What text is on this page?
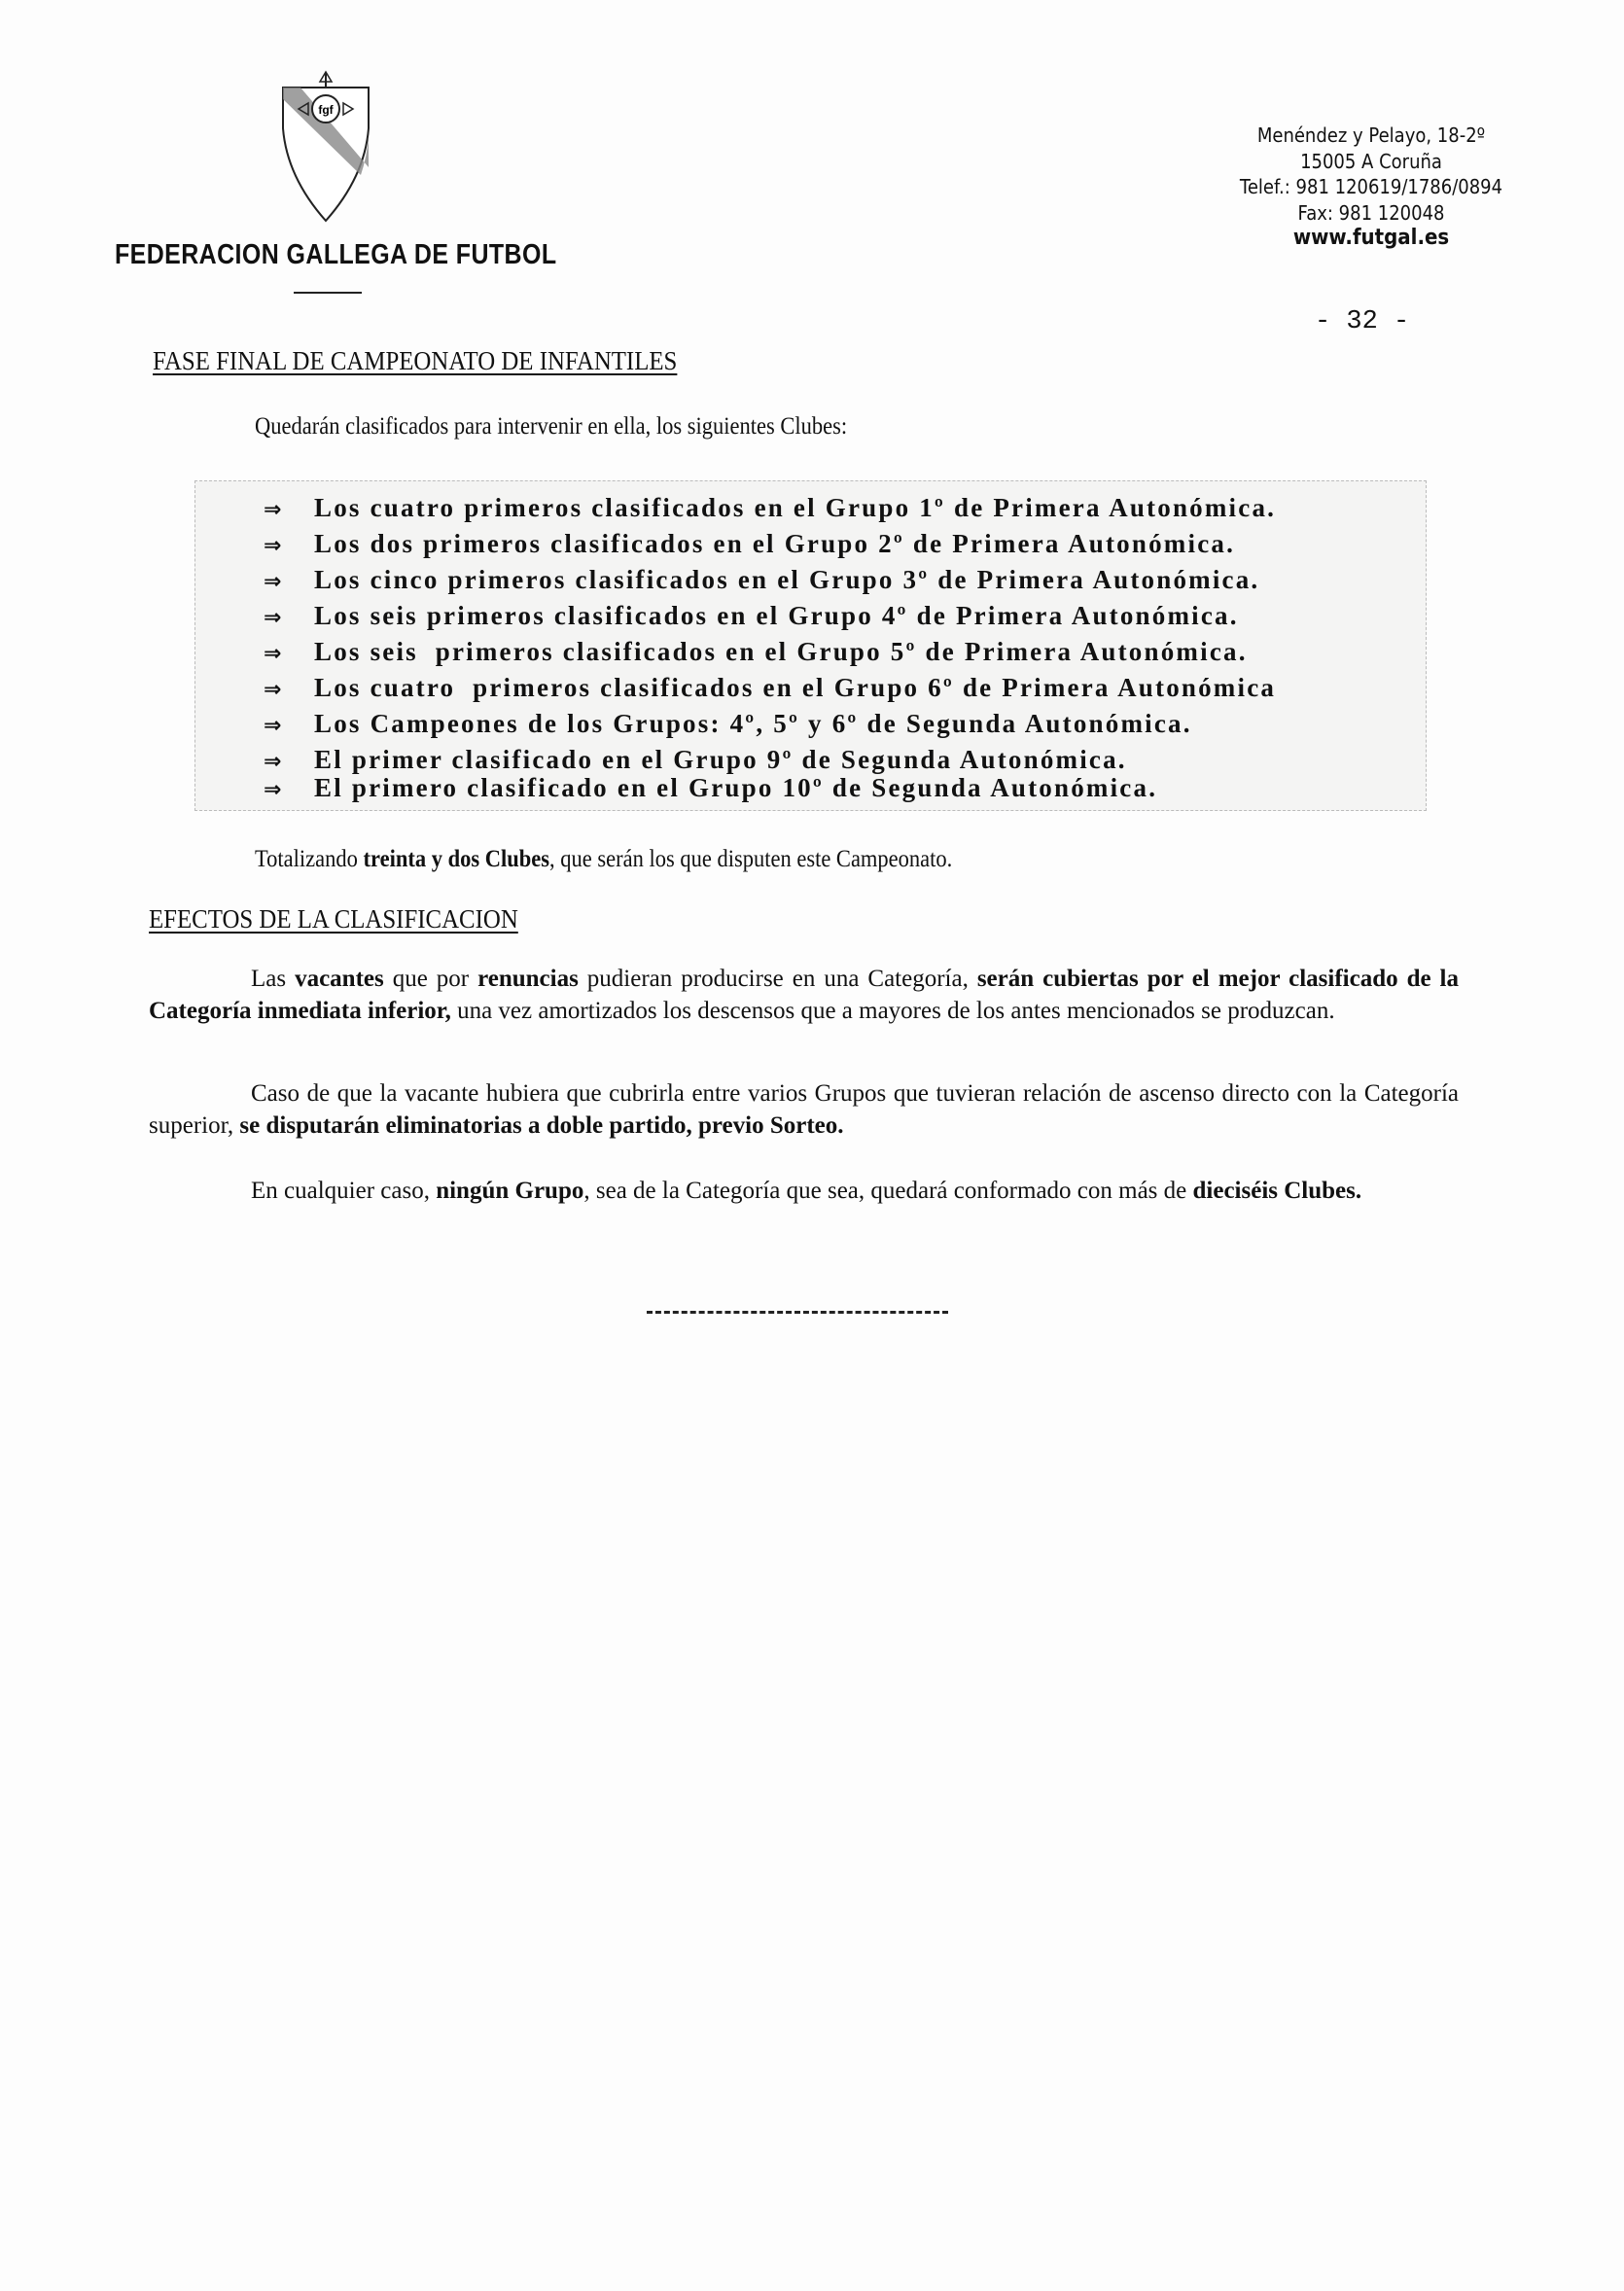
fgf
FEDERACION GALLEGA DE FUTBOL
Menéndez y Pelayo, 18-2º
15005 A Coruña
Telef.: 981 120619/1786/0894
Fax: 981 120048
www.futgal.es
- 32 -
FASE FINAL DE CAMPEONATO DE INFANTILES
Quedarán clasificados para intervenir en ella, los siguientes Clubes:
⇒ Los cuatro primeros clasificados en el Grupo 1º de Primera Autonómica.
⇒ Los dos primeros clasificados en el Grupo 2º de Primera Autonómica.
⇒ Los cinco primeros clasificados en el Grupo 3º de Primera Autonómica.
⇒ Los seis primeros clasificados en el Grupo 4º de Primera Autonómica.
⇒ Los seis  primeros clasificados en el Grupo 5º de Primera Autonómica.
⇒ Los cuatro  primeros clasificados en el Grupo 6º de Primera Autonómica
⇒ Los Campeones de los Grupos: 4º, 5º y 6º de Segunda Autonómica.
⇒ El primer clasificado en el Grupo 9º de Segunda Autonómica.
⇒ El primero clasificado en el Grupo 10º de Segunda Autonómica.
Totalizando treinta y dos Clubes, que serán los que disputen este Campeonato.
EFECTOS DE LA CLASIFICACION
Las vacantes que por renuncias pudieran producirse en una Categoría, serán cubiertas por el mejor clasificado de la Categoría inmediata inferior, una vez amortizados los descensos que a mayores de los antes mencionados se produzcan.
Caso de que la vacante hubiera que cubrirla entre varios Grupos que tuvieran relación de ascenso directo con la Categoría superior, se disputarán eliminatorias a doble partido, previo Sorteo.
En cualquier caso, ningún Grupo, sea de la Categoría que sea, quedará conformado con más de dieciséis Clubes.
